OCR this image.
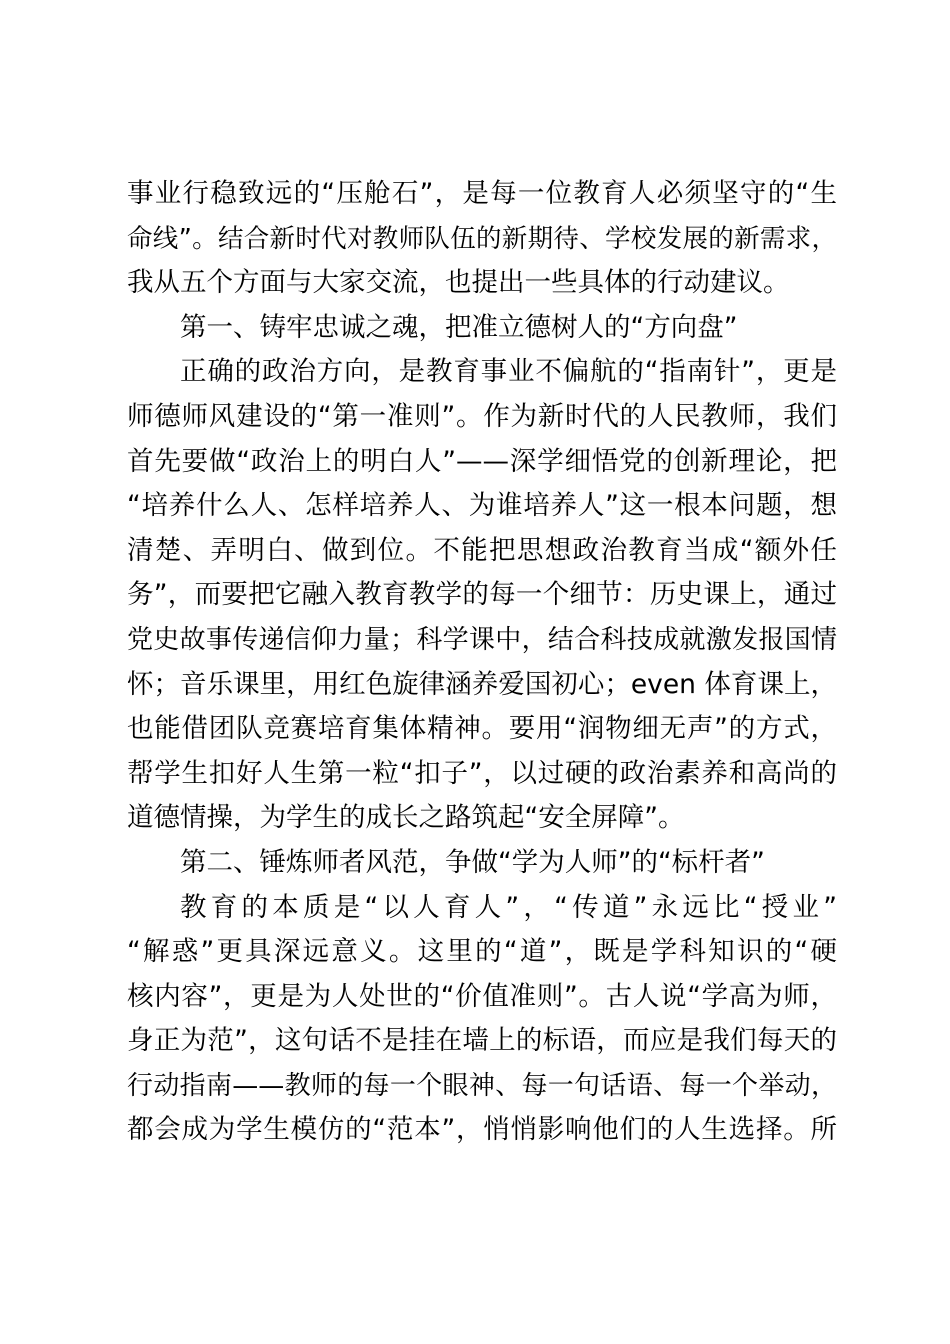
事业行稳致远的“压舱石”，是每一位教育人必须坚守的“生
命线”。结合新时代对教师队伍的新期待、学校发展的新需求，
我从五个方面与大家交流，也提出一些具体的行动建议。
第一、铸牢忠诚之魂，把准立德树人的“方向盘”
正确的政治方向，是教育事业不偏航的“指南针”，更是
师德师风建设的“第一准则”。作为新时代的人民教师，我们
首先要做“政治上的明白人”——深学细悟党的创新理论，把
“培养什么人、怎样培养人、为谁培养人”这一根本问题，想
清楚、弄明白、做到位。不能把思想政治教育当成“额外任
务”，而要把它融入教育教学的每一个细节：历史课上，通过
党史故事传递信仰力量；科学课中，结合科技成就激发报国情
怀；音乐课里，用红色旋律涵养爱国初心；even 体育课上，
也能借团队竞赛培育集体精神。要用“润物细无声”的方式，
帮学生扣好人生第一粒“扣子”，以过硬的政治素养和高尚的
道德情操，为学生的成长之路筑起“安全屏障”。
第二、锤炼师者风范，争做“学为人师”的“标杆者”
教育的本质是“以人育人”，“传道”永远比“授业”
“解惑”更具深远意义。这里的“道”，既是学科知识的“硬
核内容”，更是为人处世的“价值准则”。古人说“学高为师，
身正为范”，这句话不是挂在墙上的标语，而应是我们每天的
行动指南——教师的每一个眼神、每一句话语、每一个举动，
都会成为学生模仿的“范本”，悄悄影响他们的人生选择。所
